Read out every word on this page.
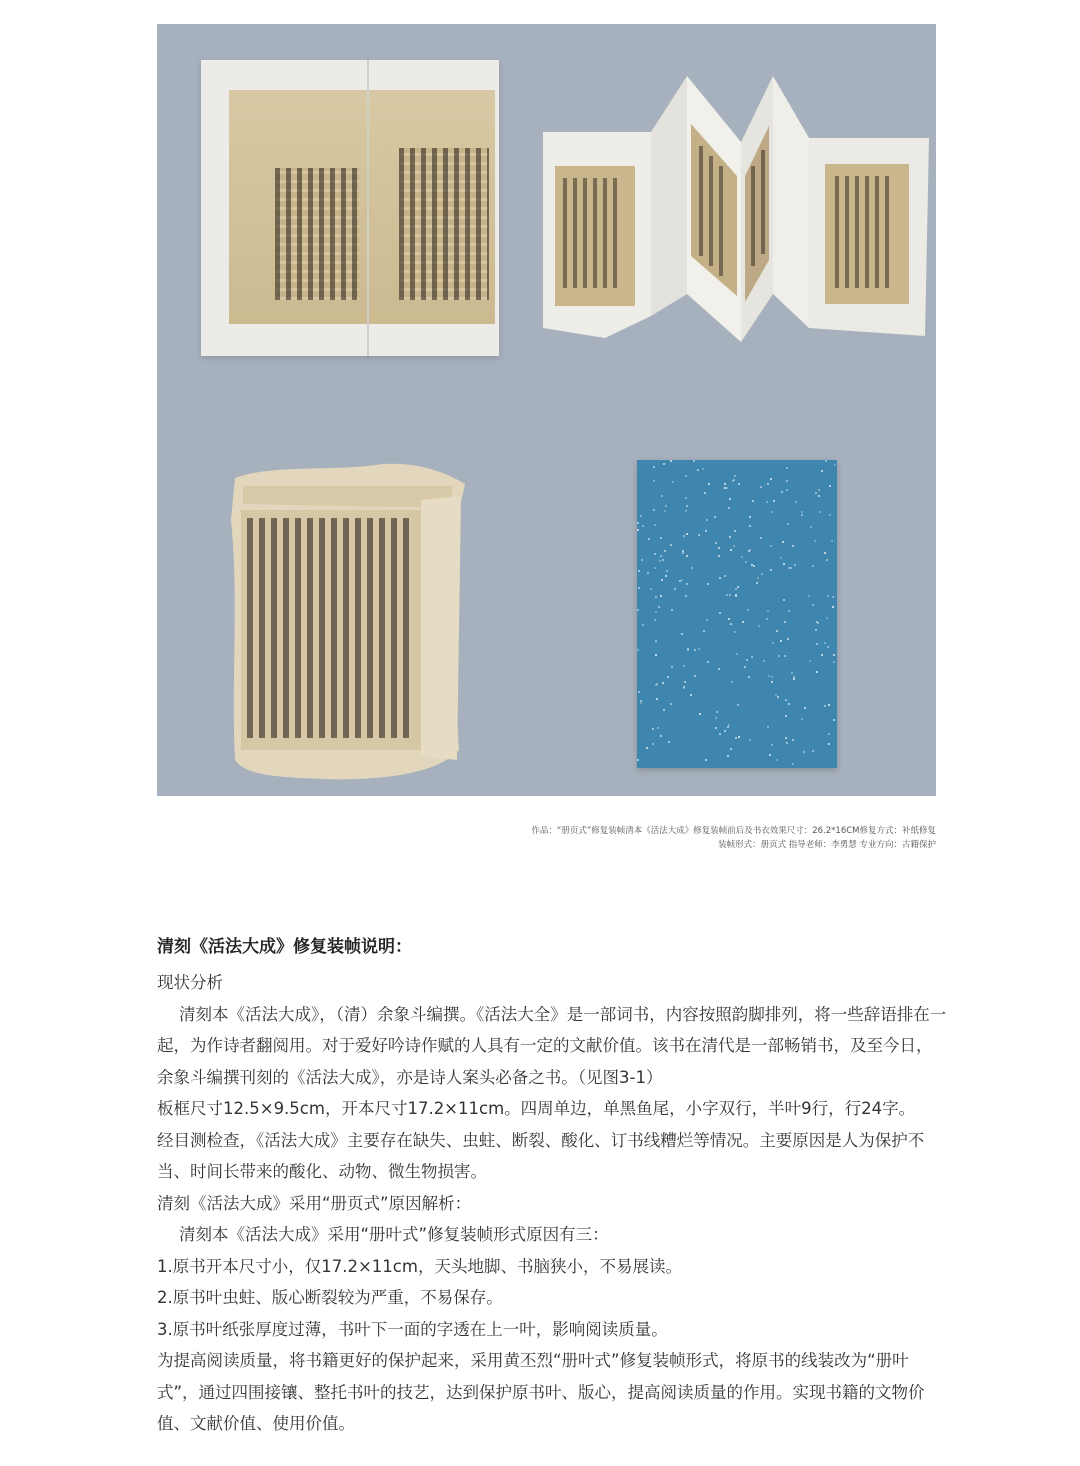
作品：“册页式”修复装帧清本《活法大成》修复装帧前后及书衣效果尺寸：26.2*16CM修复方式：补纸修复
装帧形式：册页式 指导老师：李勇慧 专业方向：古籍保护
清刻《活法大成》修复装帧说明：

现状分析

清刻本《活法大成》，（清）余象斗编撰。《活法大全》是一部词书，内容按照韵脚排列，将一些辞语排在一起，为作诗者翻阅用。对于爱好吟诗作赋的人具有一定的文献价值。该书在清代是一部畅销书，及至今日，余象斗编撰刊刻的《活法大成》，亦是诗人案头必备之书。（见图3-1）

板框尺寸12.5×9.5cm，开本尺寸17.2×11cm。四周单边，单黑鱼尾，小字双行，半叶9行，行24字。

经目测检查，《活法大成》主要存在缺失、虫蛀、断裂、酸化、订书线糟烂等情况。主要原因是人为保护不当、时间长带来的酸化、动物、微生物损害。

清刻《活法大成》采用“册页式”原因解析：

清刻本《活法大成》采用“册叶式”修复装帧形式原因有三：

1.原书开本尺寸小，仅17.2×11cm，天头地脚、书脑狭小，不易展读。

2.原书叶虫蛀、版心断裂较为严重，不易保存。

3.原书叶纸张厚度过薄，书叶下一面的字透在上一叶，影响阅读质量。

为提高阅读质量，将书籍更好的保护起来，采用黄丕烈“册叶式”修复装帧形式，将原书的线装改为“册叶式”，通过四围接镶、整托书叶的技艺，达到保护原书叶、版心，提高阅读质量的作用。实现书籍的文物价值、文献价值、使用价值。
